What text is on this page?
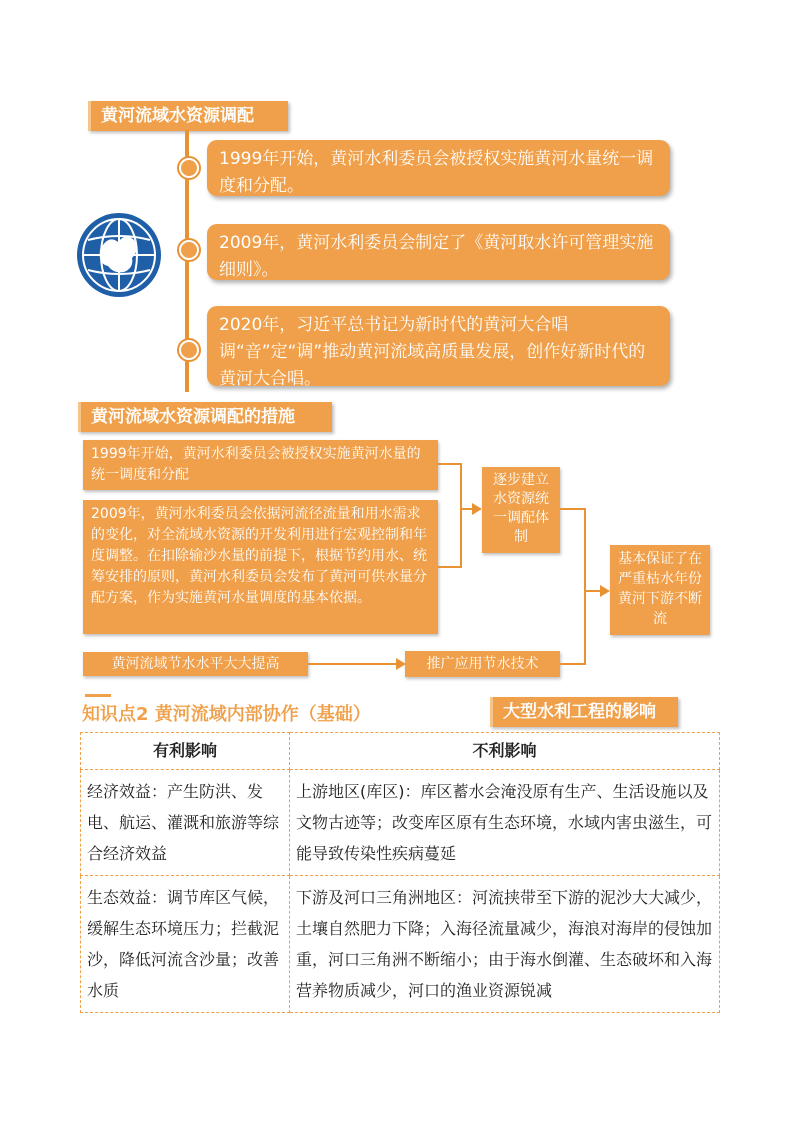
黄河流域水资源调配
1999年开始，黄河水利委员会被授权实施黄河水量统一调度和分配。
2009年，黄河水利委员会制定了《黄河取水许可管理实施细则》。
2020年，习近平总书记为新时代的黄河大合唱调“音”定“调”推动黄河流域高质量发展，创作好新时代的黄河大合唱。
黄河流域水资源调配的措施
1999年开始，黄河水利委员会被授权实施黄河水量的统一调度和分配
2009年，黄河水利委员会依据河流径流量和用水需求的变化，对全流域水资源的开发利用进行宏观控制和年度调整。在扣除输沙水量的前提下，根据节约用水、统筹安排的原则，黄河水利委员会发布了黄河可供水量分配方案，作为实施黄河水量调度的基本依据。
黄河流域节水水平大大提高
逐步建立水资源统一调配体制
推广应用节水技术
基本保证了在严重枯水年份黄河下游不断流
知识点2 黄河流域内部协作（基础）	大型水利工程的影响
有利影响	不利影响
经济效益：产生防洪、发电、航运、灌溉和旅游等综合经济效益	上游地区(库区)：库区蓄水会淹没原有生产、生活设施以及文物古迹等；改变库区原有生态环境，水域内害虫滋生，可能导致传染性疾病蔓延
生态效益：调节库区气候，缓解生态环境压力；拦截泥沙，降低河流含沙量；改善水质	下游及河口三角洲地区：河流挟带至下游的泥沙大大减少，土壤自然肥力下降；入海径流量减少，海浪对海岸的侵蚀加重，河口三角洲不断缩小；由于海水倒灌、生态破坏和入海营养物质减少，河口的渔业资源锐减
